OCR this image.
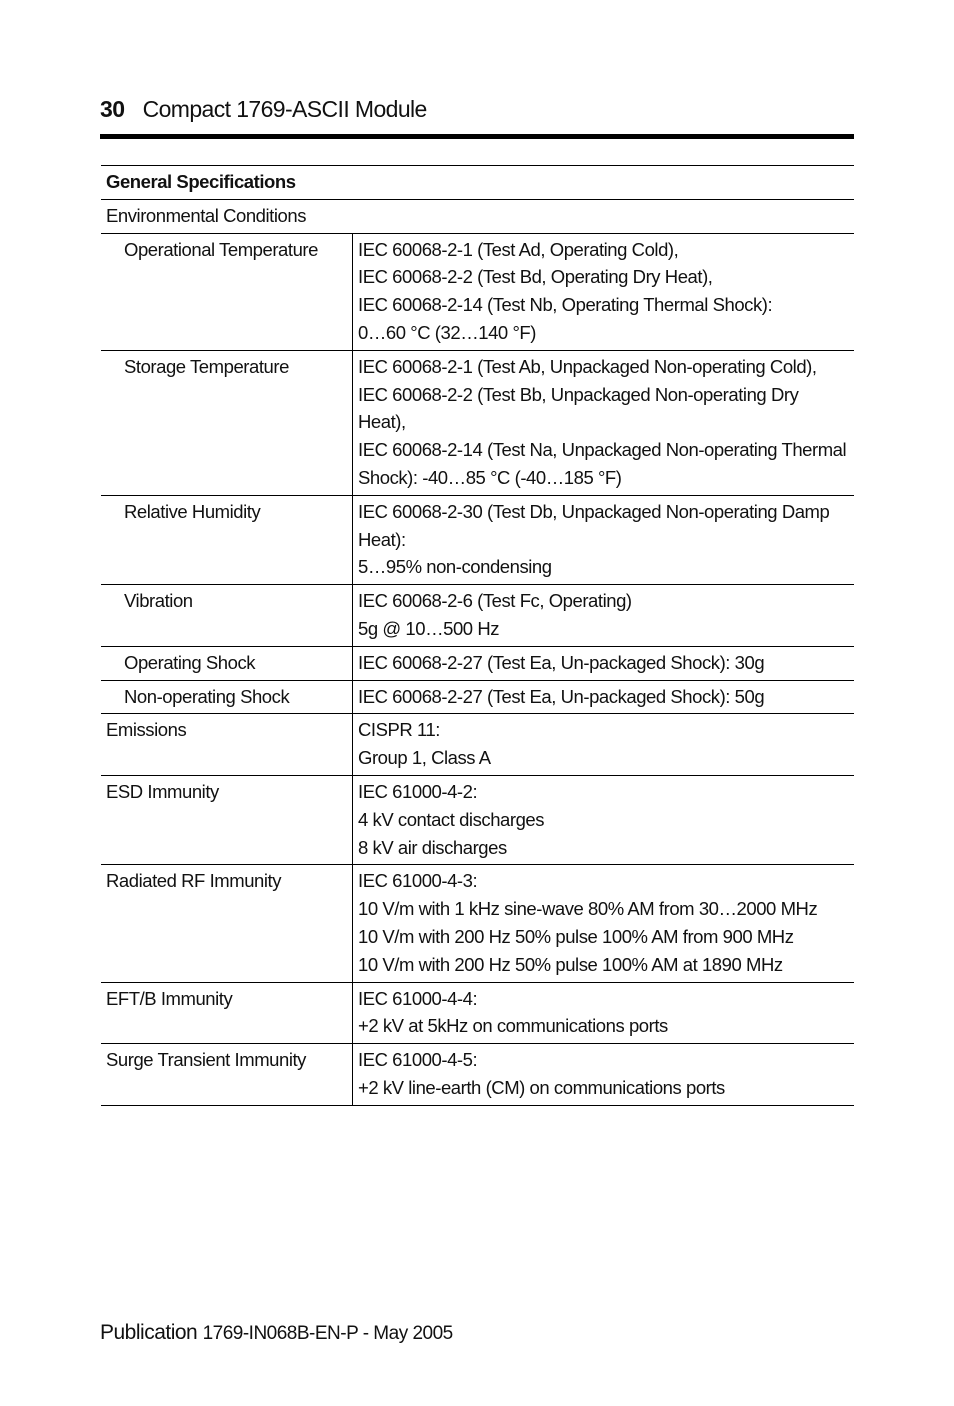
30 Compact 1769-ASCII Module
General Specifications	
Environmental Conditions	
Operational Temperature	IEC 60068-2-1 (Test Ad, Operating Cold),
IEC 60068-2-2 (Test Bd, Operating Dry Heat),
IEC 60068-2-14 (Test Nb, Operating Thermal Shock):
0…60 °C (32…140 °F)
Storage Temperature	IEC 60068-2-1 (Test Ab, Unpackaged Non-operating Cold),
IEC 60068-2-2 (Test Bb, Unpackaged Non-operating Dry Heat),
IEC 60068-2-14 (Test Na, Unpackaged Non-operating Thermal Shock): -40…85 °C (-40…185 °F)
Relative Humidity	IEC 60068-2-30 (Test Db, Unpackaged Non-operating Damp Heat):
5…95% non-condensing
Vibration	IEC 60068-2-6 (Test Fc, Operating)
5g @ 10…500 Hz
Operating Shock	IEC 60068-2-27 (Test Ea, Un-packaged Shock): 30g
Non-operating Shock	IEC 60068-2-27 (Test Ea, Un-packaged Shock): 50g
Emissions	CISPR 11:
Group 1, Class A
ESD Immunity	IEC 61000-4-2:
4 kV contact discharges
8 kV air discharges
Radiated RF Immunity	IEC 61000-4-3:
10 V/m with 1 kHz sine-wave 80% AM from 30…2000 MHz
10 V/m with 200 Hz 50% pulse 100% AM from 900 MHz
10 V/m with 200 Hz 50% pulse 100% AM at 1890 MHz
EFT/B Immunity	IEC 61000-4-4:
+2 kV at 5kHz on communications ports
Surge Transient Immunity	IEC 61000-4-5:
+2 kV line-earth (CM) on communications ports
Publication 1769-IN068B-EN-P - May 2005
